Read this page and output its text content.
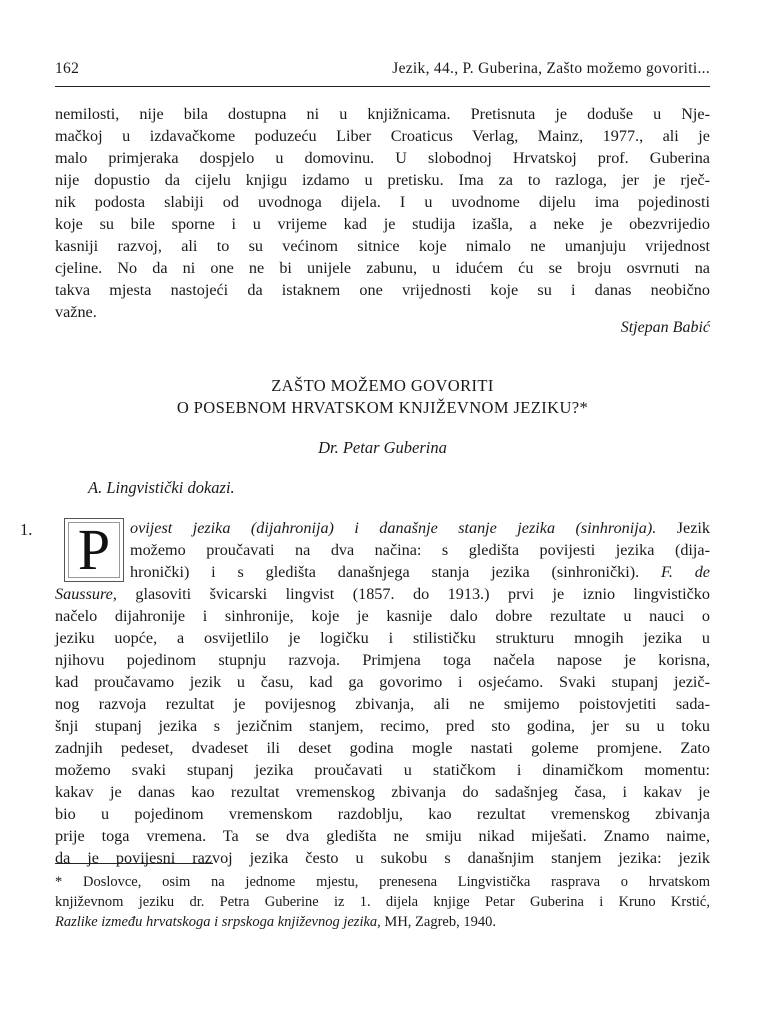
162	Jezik, 44., P. Guberina, Zašto možemo govoriti...
nemilosti, nije bila dostupna ni u knjižnicama. Pretisnuta je doduše u Nje-
mačkoj u izdavačkome poduzeću Liber Croaticus Verlag, Mainz, 1977., ali je
malo primjeraka dospjelo u domovinu. U slobodnoj Hrvatskoj prof. Guberina
nije dopustio da cijelu knjigu izdamo u pretisku. Ima za to razloga, jer je rječ-
nik podosta slabiji od uvodnoga dijela. I u uvodnome dijelu ima pojedinosti
koje su bile sporne i u vrijeme kad je studija izašla, a neke je obezvrijedio
kasniji razvoj, ali to su većinom sitnice koje nimalo ne umanjuju vrijednost
cjeline. No da ni one ne bi unijele zabunu, u idućem ću se broju osvrnuti na
takva mjesta nastojeći da istaknem one vrijednosti koje su i danas neobično
važne.
Stjepan Babić
ZAŠTO MOŽEMO GOVORITI
O POSEBNOM HRVATSKOM KNJIŽEVNOM JEZIKU?*
Dr. Petar Guberina
A. Lingvistički dokazi.
1. P	ovijest jezika (dijahronija) i današnje stanje jezika (sinhronija). Jezik
možemo proučavati na dva načina: s gledišta povijesti jezika (dija-
hronički) i s gledišta današnjega stanja jezika (sinhronički). F. de
Saussure, glasoviti švicarski lingvist (1857. do 1913.) prvi je iznio lingvističko
načelo dijahronije i sinhronije, koje je kasnije dalo dobre rezultate u nauci o
jeziku uopće, a osvijetlilo je logičku i stilističku strukturu mnogih jezika u
njihovu pojedinom stupnju razvoja. Primjena toga načela napose je korisna,
kad proučavamo jezik u času, kad ga govorimo i osjećamo. Svaki stupanj jezič-
nog razvoja rezultat je povijesnog zbivanja, ali ne smijemo poistovjetiti sada-
šnji stupanj jezika s jezičnim stanjem, recimo, pred sto godina, jer su u toku
zadnjih pedeset, dvadeset ili deset godina mogle nastati goleme promjene. Zato
možemo svaki stupanj jezika proučavati u statičkom i dinamičkom momentu:
kakav je danas kao rezultat vremenskog zbivanja do sadašnjeg časa, i kakav je
bio u pojedinom vremenskom razdoblju, kao rezultat vremenskog zbivanja
prije toga vremena. Ta se dva gledišta ne smiju nikad miješati. Znamo naime,
da je povijesni razvoj jezika često u sukobu s današnjim stanjem jezika: jezik
* Doslovce, osim na jednome mjestu, prenesena Lingvistička rasprava o hrvatskom
književnom jeziku dr. Petra Guberine iz 1. dijela knjige Petar Guberina i Kruno Krstić,
Razlike između hrvatskoga i srpskoga književnog jezika, MH, Zagreb, 1940.
